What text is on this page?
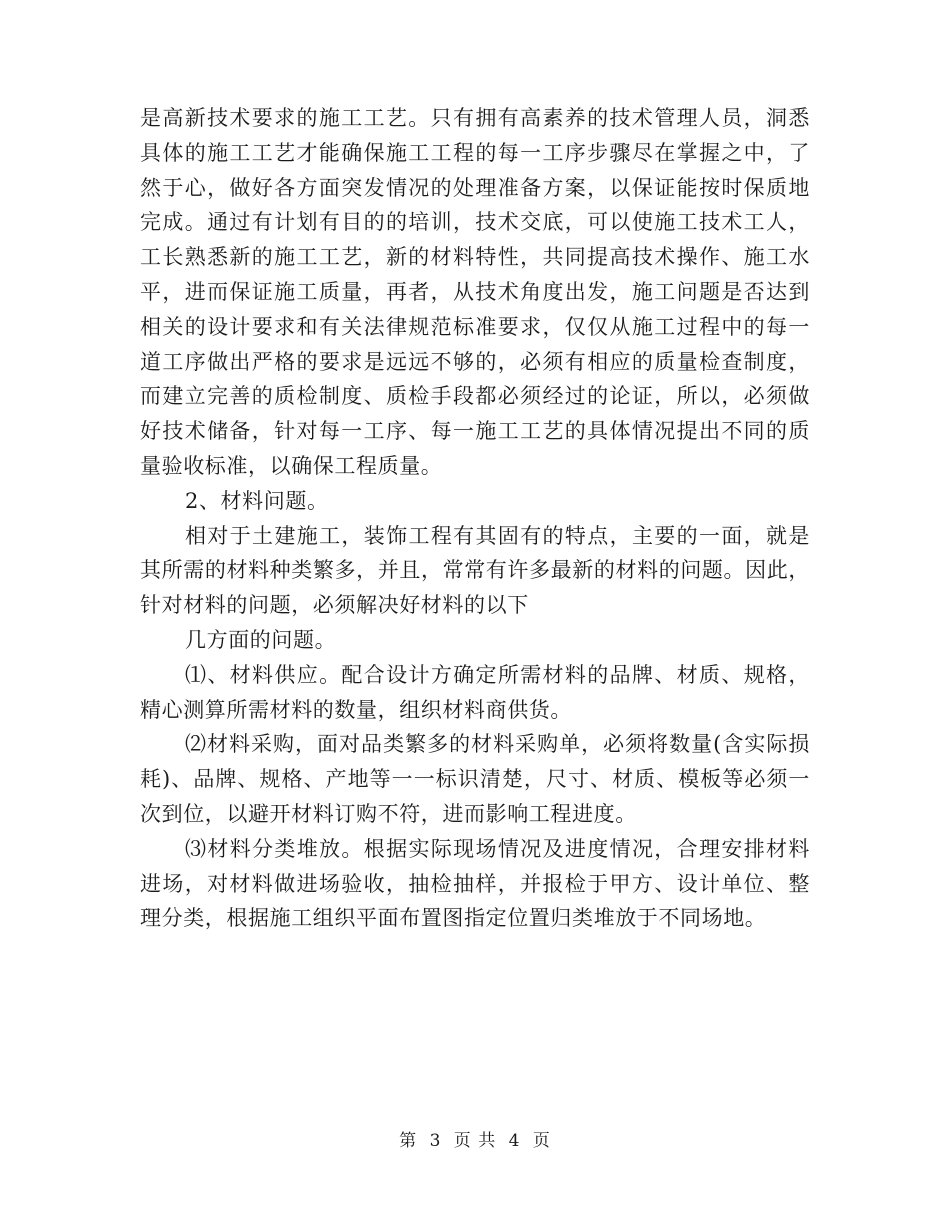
是高新技术要求的施工工艺。只有拥有高素养的技术管理人员，洞悉
具体的施工工艺才能确保施工工程的每一工序步骤尽在掌握之中，了
然于心，做好各方面突发情况的处理准备方案，以保证能按时保质地
完成。通过有计划有目的的培训，技术交底，可以使施工技术工人，
工长熟悉新的施工工艺，新的材料特性，共同提高技术操作、施工水
平，进而保证施工质量，再者，从技术角度出发，施工问题是否达到
相关的设计要求和有关法律规范标准要求，仅仅从施工过程中的每一
道工序做出严格的要求是远远不够的，必须有相应的质量检查制度，
而建立完善的质检制度、质检手段都必须经过的论证，所以，必须做
好技术储备，针对每一工序、每一施工工艺的具体情况提出不同的质
量验收标准，以确保工程质量。
2、材料问题。
相对于土建施工，装饰工程有其固有的特点，主要的一面，就是
其所需的材料种类繁多，并且，常常有许多最新的材料的问题。因此，
针对材料的问题，必须解决好材料的以下
几方面的问题。
⑴、材料供应。配合设计方确定所需材料的品牌、材质、规格，
精心测算所需材料的数量，组织材料商供货。
⑵材料采购，面对品类繁多的材料采购单，必须将数量(含实际损
耗)、品牌、规格、产地等一一标识清楚，尺寸、材质、模板等必须一
次到位，以避开材料订购不符，进而影响工程进度。
⑶材料分类堆放。根据实际现场情况及进度情况，合理安排材料
进场，对材料做进场验收，抽检抽样，并报检于甲方、设计单位、整
理分类，根据施工组织平面布置图指定位置归类堆放于不同场地。
第 3 页 共 4 页
